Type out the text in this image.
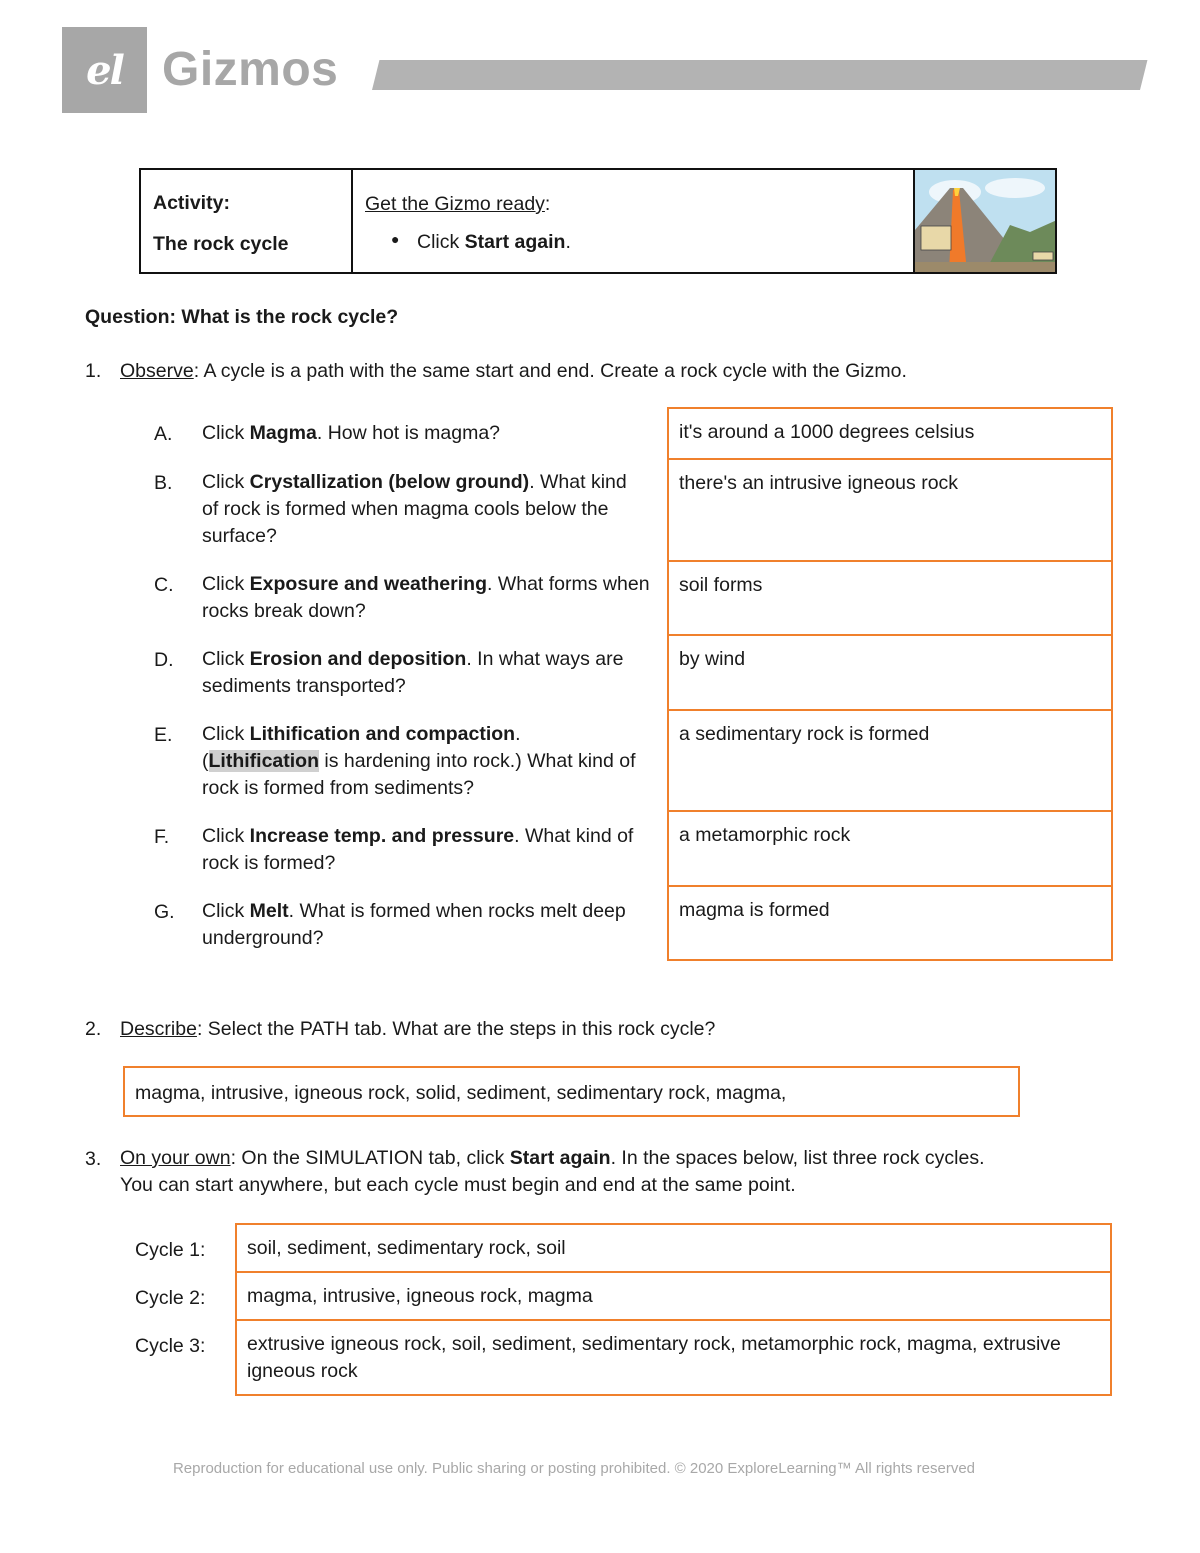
el Gizmos
Activity:
The rock cycle
Get the Gizmo ready:
● Click Start again.
Question: What is the rock cycle?
1. Observe: A cycle is a path with the same start and end. Create a rock cycle with the Gizmo.
A. Click Magma. How hot is magma?
B. Click Crystallization (below ground). What kind of rock is formed when magma cools below the surface?
C. Click Exposure and weathering. What forms when rocks break down?
D. Click Erosion and deposition. In what ways are sediments transported?
E. Click Lithification and compaction.
(Lithification is hardening into rock.) What kind of rock is formed from sediments?
F. Click Increase temp. and pressure. What kind of rock is formed?
G. Click Melt. What is formed when rocks melt deep underground?
it's around a 1000 degrees celsius
there's an intrusive igneous rock
soil forms
by wind
a sedimentary rock is formed
a metamorphic rock
magma is formed
2. Describe: Select the PATH tab. What are the steps in this rock cycle?
magma, intrusive, igneous rock, solid, sediment, sedimentary rock, magma,
3. On your own: On the SIMULATION tab, click Start again. In the spaces below, list three rock cycles.
You can start anywhere, but each cycle must begin and end at the same point.
Cycle 1:
Cycle 2:
Cycle 3:
soil, sediment, sedimentary rock, soil
magma, intrusive, igneous rock, magma
extrusive igneous rock, soil, sediment, sedimentary rock, metamorphic rock, magma, extrusive igneous rock
Reproduction for educational use only. Public sharing or posting prohibited. © 2020 ExploreLearning™ All rights reserved
